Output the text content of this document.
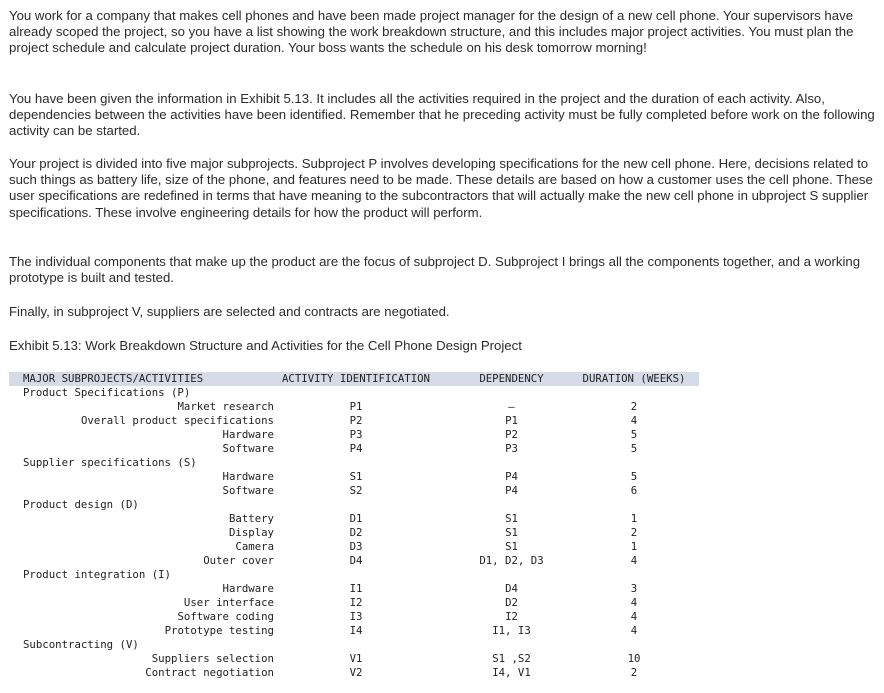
You work for a company that makes cell phones and have been made project manager for the design of a new cell phone. Your supervisors have already scoped the project, so you have a list showing the work breakdown structure, and this includes major project activities. You must plan the project schedule and calculate project duration. Your boss wants the schedule on his desk tomorrow morning!

You have been given the information in Exhibit 5.13. It includes all the activities required in the project and the duration of each activity. Also, dependencies between the activities have been identified. Remember that he preceding activity must be fully completed before work on the following activity can be started.

Your project is divided into five major subprojects. Subproject P involves developing specifications for the new cell phone. Here, decisions related to such things as battery life, size of the phone, and features need to be made. These details are based on how a customer uses the cell phone. These user specifications are redefined in terms that have meaning to the subcontractors that will actually make the new cell phone in ubproject S supplier specifications. These involve engineering details for how the product will perform.

The individual components that make up the product are the focus of subproject D. Subproject I brings all the components together, and a working prototype is built and tested.

Finally, in subproject V, suppliers are selected and contracts are negotiated.

Exhibit 5.13: Work Breakdown Structure and Activities for the Cell Phone Design Project

MAJOR SUBPROJECTS/ACTIVITIES	ACTIVITY IDENTIFICATION	DEPENDENCY	DURATION (WEEKS)
Product Specifications (P)
Market research	P1	–	2
Overall product specifications	P2	P1	4
Hardware	P3	P2	5
Software	P4	P3	5
Supplier specifications (S)
Hardware	S1	P4	5
Software	S2	P4	6
Product design (D)
Battery	D1	S1	1
Display	D2	S1	2
Camera	D3	S1	1
Outer cover	D4	D1, D2, D3	4
Product integration (I)
Hardware	I1	D4	3
User interface	I2	D2	4
Software coding	I3	I2	4
Prototype testing	I4	I1, I3	4
Subcontracting (V)
Suppliers selection	V1	S1 ,S2	10
Contract negotiation	V2	I4, V1	2
